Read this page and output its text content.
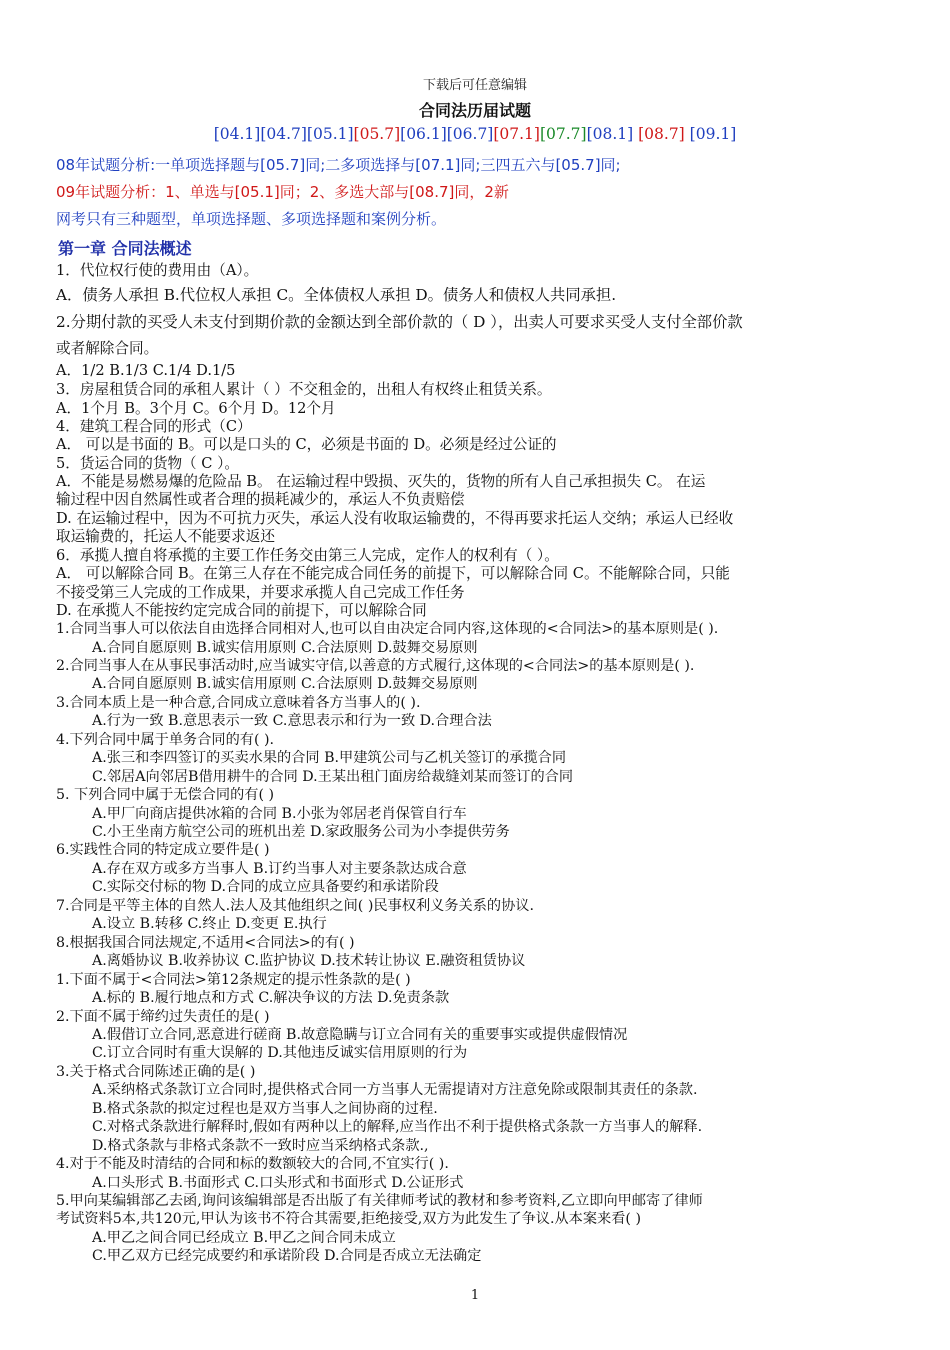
下载后可任意编辑
合同法历届试题
[04.1][04.7][05.1][05.7][06.1][06.7][07.1][07.7][08.1] [08.7] [09.1]
08年试题分析:一单项选择题与[05.7]同;二多项选择与[07.1]同;三四五六与[05.7]同;
09年试题分析：1、单选与[05.1]同；2、多选大部与[08.7]同，2新
网考只有三种题型，单项选择题、多项选择题和案例分析。
第一章 合同法概述
1．代位权行使的费用由（A）。
A．债务人承担 B.代位权人承担 C。全体债权人承担 D。债务人和债权人共同承担.
2.分期付款的买受人未支付到期价款的金额达到全部价款的（ D ），出卖人可要求买受人支付全部价款
或者解除合同。
A．1/2 B.1/3 C.1/4 D.1/5
3．房屋租赁合同的承租人累计（ ）不交租金的，出租人有权终止租赁关系。
A．1个月 B。3个月 C。6个月 D。12个月
4．建筑工程合同的形式（C）
A． 可以是书面的 B。可以是口头的 C，必须是书面的 D。必须是经过公证的
5．货运合同的货物（ C ）。
A．不能是易燃易爆的危险品 B。 在运输过程中毁损、灭失的，货物的所有人自己承担损失 C。 在运
输过程中因自然属性或者合理的损耗减少的，承运人不负责赔偿
D. 在运输过程中，因为不可抗力灭失，承运人没有收取运输费的，不得再要求托运人交纳；承运人已经收
取运输费的，托运人不能要求返还
6．承揽人擅自将承揽的主要工作任务交由第三人完成，定作人的权利有（ ）。
A． 可以解除合同 B。在第三人存在不能完成合同任务的前提下，可以解除合同 C。不能解除合同，只能
不接受第三人完成的工作成果，并要求承揽人自己完成工作任务
D. 在承揽人不能按约定完成合同的前提下，可以解除合同
1.合同当事人可以依法自由选择合同相对人,也可以自由决定合同内容,这体现的<合同法>的基本原则是( ).
A.合同自愿原则 B.诚实信用原则 C.合法原则 D.鼓舞交易原则
2.合同当事人在从事民事活动时,应当诚实守信,以善意的方式履行,这体现的<合同法>的基本原则是( ).
A.合同自愿原则 B.诚实信用原则 C.合法原则 D.鼓舞交易原则
3.合同本质上是一种合意,合同成立意味着各方当事人的( ).
A.行为一致 B.意思表示一致 C.意思表示和行为一致 D.合理合法
4.下列合同中属于单务合同的有( ).
A.张三和李四签订的买卖水果的合同 B.甲建筑公司与乙机关签订的承揽合同
C.邻居A向邻居B借用耕牛的合同 D.王某出租门面房给裁缝刘某而签订的合同
5. 下列合同中属于无偿合同的有( )
A.甲厂向商店提供冰箱的合同 B.小张为邻居老肖保管自行车
C.小王坐南方航空公司的班机出差 D.家政服务公司为小李提供劳务
6.实践性合同的特定成立要件是( )
A.存在双方或多方当事人 B.订约当事人对主要条款达成合意
C.实际交付标的物 D.合同的成立应具备要约和承诺阶段
7.合同是平等主体的自然人.法人及其他组织之间( )民事权利义务关系的协议.
A.设立 B.转移 C.终止 D.变更 E.执行
8.根据我国合同法规定,不适用<合同法>的有( )
A.离婚协议 B.收养协议 C.监护协议 D.技术转让协议 E.融资租赁协议
1.下面不属于<合同法>第12条规定的提示性条款的是( )
A.标的 B.履行地点和方式 C.解决争议的方法 D.免责条款
2.下面不属于缔约过失责任的是( )
A.假借订立合同,恶意进行磋商 B.故意隐瞒与订立合同有关的重要事实或提供虚假情况
C.订立合同时有重大误解的 D.其他违反诚实信用原则的行为
3.关于格式合同陈述正确的是( )
A.采纳格式条款订立合同时,提供格式合同一方当事人无需提请对方注意免除或限制其责任的条款.
B.格式条款的拟定过程也是双方当事人之间协商的过程.
C.对格式条款进行解释时,假如有两种以上的解释,应当作出不利于提供格式条款一方当事人的解释.
D.格式条款与非格式条款不一致时应当采纳格式条款.,
4.对于不能及时清结的合同和标的数额较大的合同,不宜实行( ).
A.口头形式 B.书面形式 C.口头形式和书面形式 D.公证形式
5.甲向某编辑部乙去函,询问该编辑部是否出版了有关律师考试的教材和参考资料,乙立即向甲邮寄了律师
考试资料5本,共120元,甲认为该书不符合其需要,拒绝接受,双方为此发生了争议.从本案来看( )
A.甲乙之间合同已经成立 B.甲乙之间合同未成立
C.甲乙双方已经完成要约和承诺阶段 D.合同是否成立无法确定
1
